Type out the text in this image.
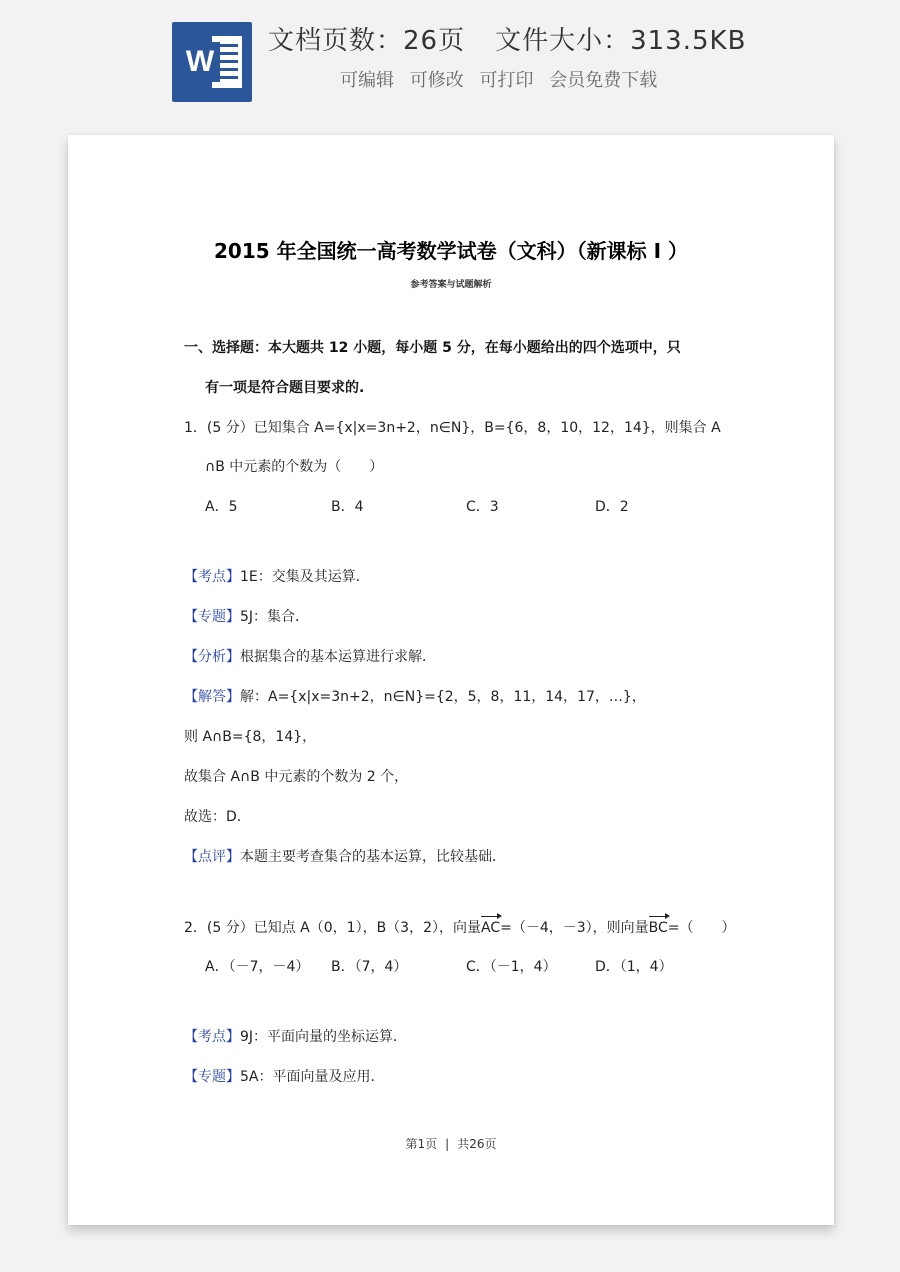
W
文档页数：26页 文件大小：313.5KB
可编辑 可修改 可打印 会员免费下载
2015 年全国统一高考数学试卷（文科）（新课标 I ）
参考答案与试题解析
一、选择题：本大题共 12 小题，每小题 5 分，在每小题给出的四个选项中，只
有一项是符合题目要求的.
1．(5 分）已知集合 A={x|x=3n+2，n∈N}，B={6，8，10，12，14}，则集合 A
∩B 中元素的个数为（　　）
A．5	B．4	C．3	D．2
【考点】1E：交集及其运算．
【专题】5J：集合．
【分析】根据集合的基本运算进行求解．
【解答】解：A={x|x=3n+2，n∈N}={2，5，8，11，14，17，…}，
则 A∩B={8，14}，
故集合 A∩B 中元素的个数为 2 个，
故选：D．
【点评】本题主要考查集合的基本运算，比较基础．
2．(5 分）已知点 A（0，1），B（3，2），向量AC=（－4，－3），则向量BC=（　　）
A．（－7，－4） B．（7，4）	C．（－1，4）	D．（1，4）
【考点】9J：平面向量的坐标运算．
【专题】5A：平面向量及应用．
第1页 | 共26页
